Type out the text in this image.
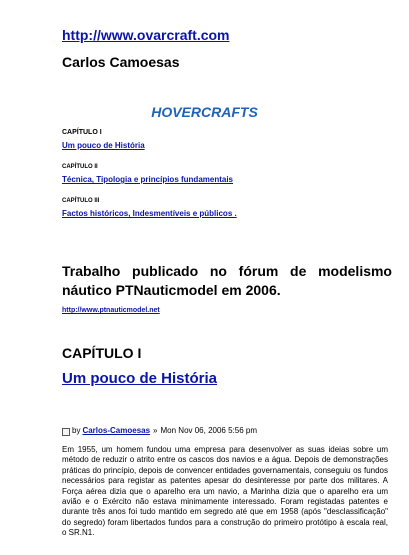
http://www.ovarcraft.com
Carlos Camoesas
HOVERCRAFTS
CAPÍTULO I
Um pouco de História
CAPÍTULO II
Técnica, Tipologia e princípios fundamentais
CAPÍTULO III
Factos históricos, Indesmentíveis e públicos .
Trabalho publicado no fórum de modelismo náutico PTNauticmodel em 2006.
http://www.ptnauticmodel.net
CAPÍTULO I
Um pouco de História
by Carlos-Camoesas » Mon Nov 06, 2006 5:56 pm
Em 1955, um homem fundou uma empresa para desenvolver as suas ideias sobre um método de reduzir o atrito entre os cascos dos navios e a água. Depois de demonstrações práticas do princípio, depois de convencer entidades governamentais, conseguiu os fundos necessários para registar as patentes apesar do desinteresse por parte dos militares. A Força aérea dizia que o aparelho era um navio, a Marinha dizia que o aparelho era um avião e o Exército não estava minimamente interessado. Foram registadas patentes e durante três anos foi tudo mantido em segredo até que em 1958 (após "desclassificação" do segredo) foram libertados fundos para a construção do primeiro protótipo à escala real, o SR.N1.
